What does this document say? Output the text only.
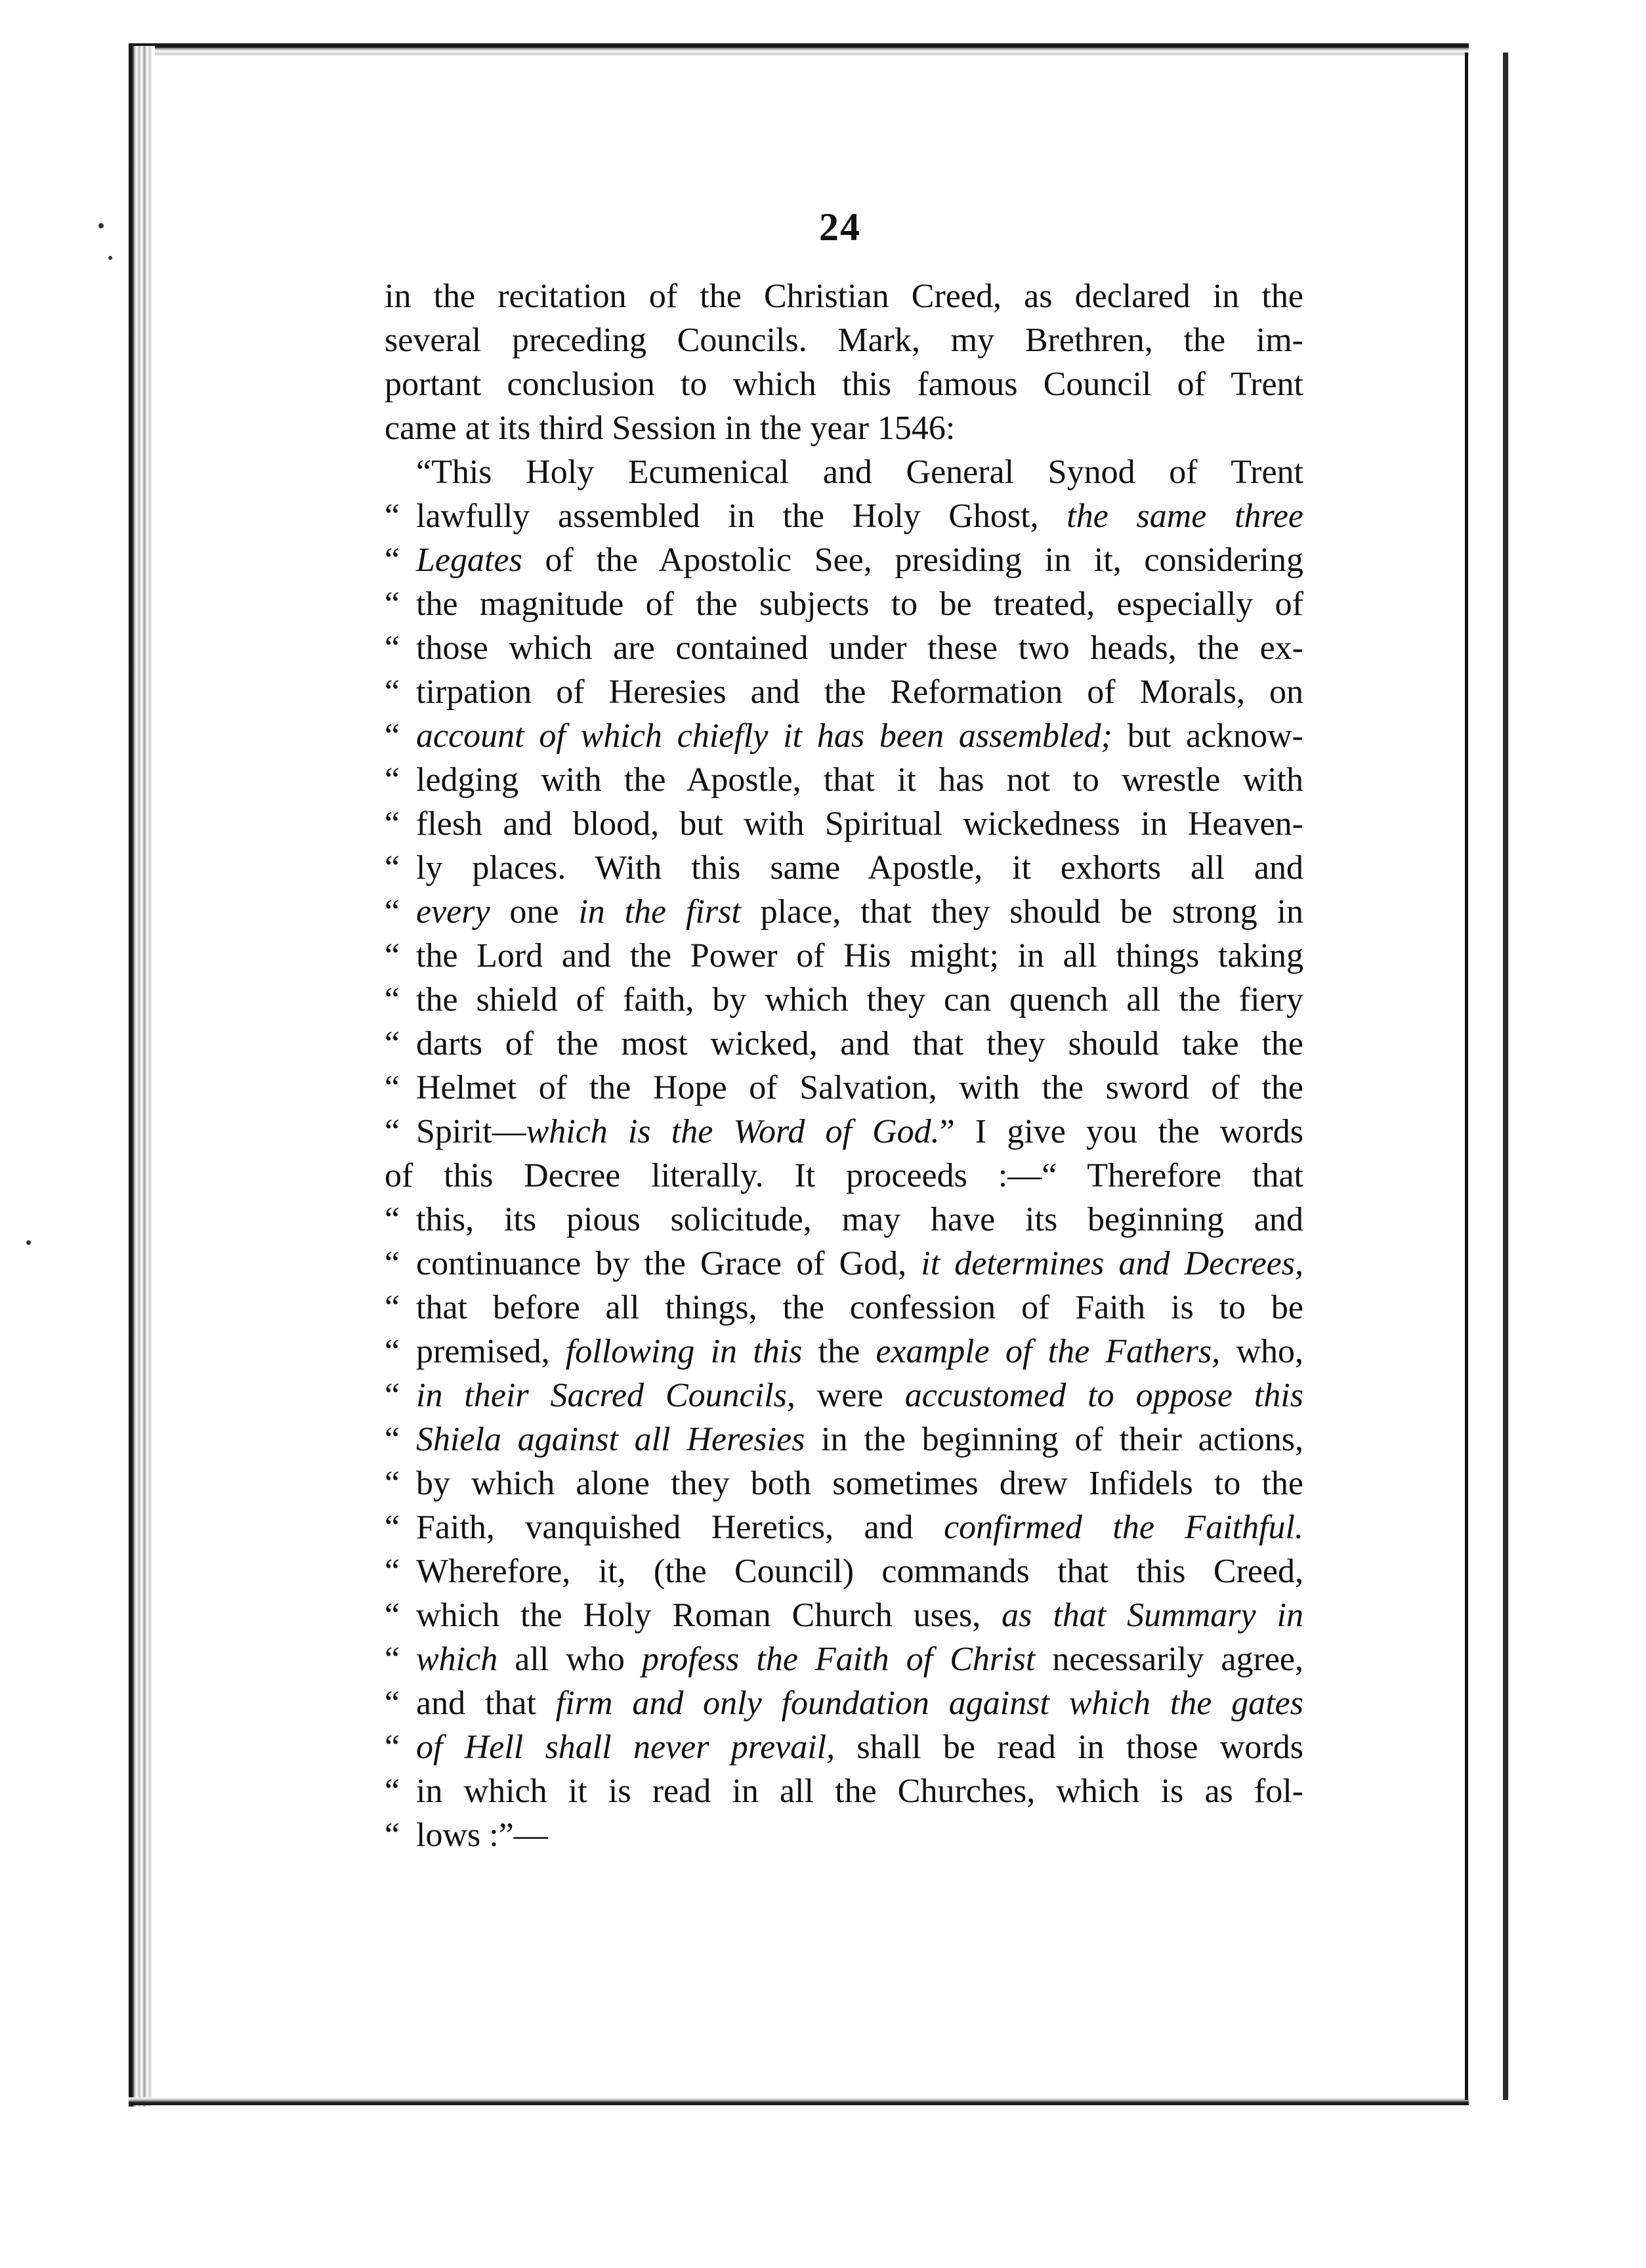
24
in the recitation of the Christian Creed, as declared in the
several preceding Councils. Mark, my Brethren, the im-
portant conclusion to which this famous Council of Trent
came at its third Session in the year 1546:
“This Holy Ecumenical and General Synod of Trent
“ lawfully assembled in the Holy Ghost, the same three
“ Legates of the Apostolic See, presiding in it, considering
“ the magnitude of the subjects to be treated, especially of
“ those which are contained under these two heads, the ex-
“ tirpation of Heresies and the Reformation of Morals, on
“ account of which chiefly it has been assembled; but acknow-
“ ledging with the Apostle, that it has not to wrestle with
“ flesh and blood, but with Spiritual wickedness in Heaven-
“ ly places. With this same Apostle, it exhorts all and
“ every one in the first place, that they should be strong in
“ the Lord and the Power of His might; in all things taking
“ the shield of faith, by which they can quench all the fiery
“ darts of the most wicked, and that they should take the
“ Helmet of the Hope of Salvation, with the sword of the
“ Spirit—which is the Word of God.” I give you the words
of this Decree literally. It proceeds :—“ Therefore that
“ this, its pious solicitude, may have its beginning and
“ continuance by the Grace of God, it determines and Decrees,
“ that before all things, the confession of Faith is to be
“ premised, following in this the example of the Fathers, who,
“ in their Sacred Councils, were accustomed to oppose this
“ Shiela against all Heresies in the beginning of their actions,
“ by which alone they both sometimes drew Infidels to the
“ Faith, vanquished Heretics, and confirmed the Faithful.
“ Wherefore, it, (the Council) commands that this Creed,
“ which the Holy Roman Church uses, as that Summary in
“ which all who profess the Faith of Christ necessarily agree,
“ and that firm and only foundation against which the gates
“ of Hell shall never prevail, shall be read in those words
“ in which it is read in all the Churches, which is as fol-
“ lows :”—
